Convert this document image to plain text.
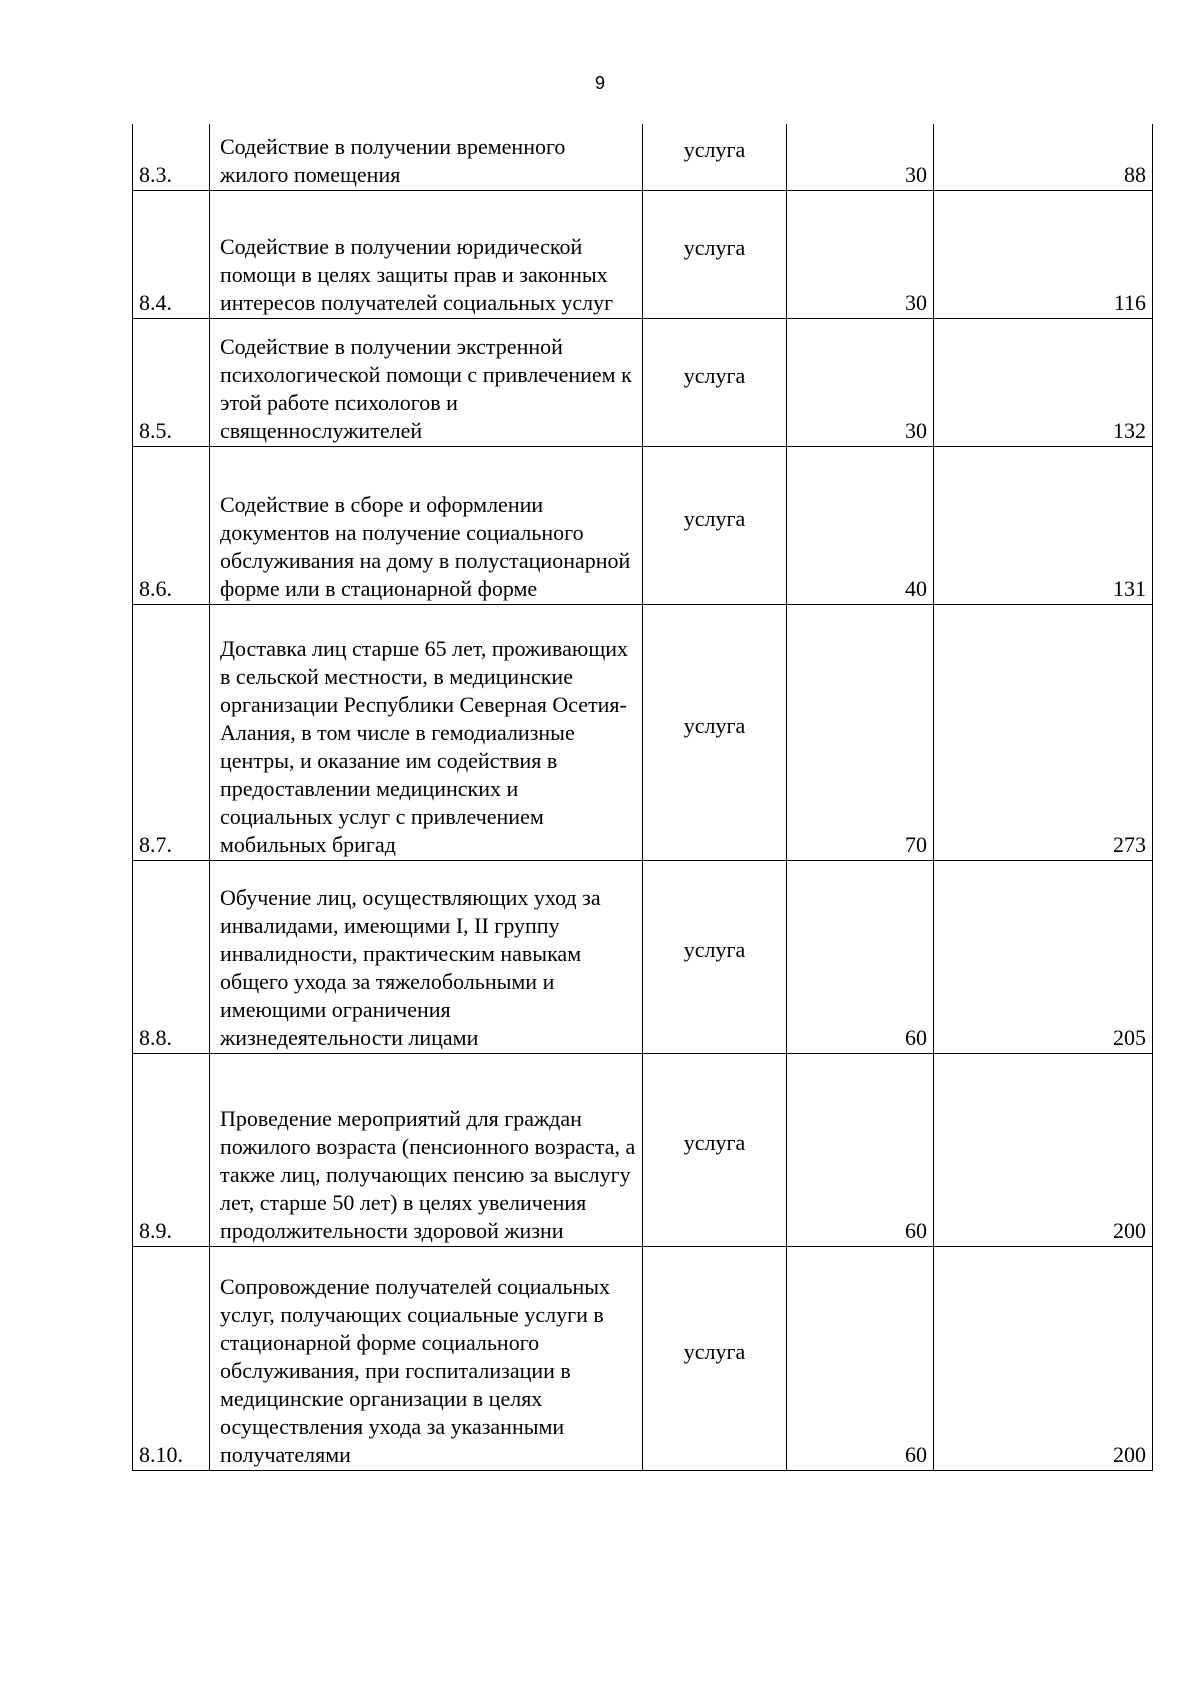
9
8.3.	Содействие в получении временного жилого помещения	услуга	30	88
8.4.	Содействие в получении юридической помощи в целях защиты прав и законных интересов получателей социальных услуг	услуга	30	116
8.5.	Содействие в получении экстренной психологической помощи с привлечением к этой работе психологов и священнослужителей	услуга	30	132
8.6.	Содействие в сборе и оформлении документов на получение социального обслуживания на дому в полустационарной форме или в стационарной форме	услуга	40	131
8.7.	Доставка лиц старше 65 лет, проживающих в сельской местности, в медицинские организации Республики Северная Осетия-Алания, в том числе в гемодиализные центры, и оказание им содействия в предоставлении медицинских и социальных услуг с привлечением мобильных бригад	услуга	70	273
8.8.	Обучение лиц, осуществляющих уход за инвалидами, имеющими I, II группу инвалидности, практическим навыкам общего ухода за тяжелобольными и имеющими ограничения жизнедеятельности лицами	услуга	60	205
8.9.	Проведение мероприятий для граждан пожилого возраста (пенсионного возраста, а также лиц, получающих пенсию за выслугу лет, старше 50 лет) в целях увеличения продолжительности здоровой жизни	услуга	60	200
8.10.	Сопровождение получателей социальных услуг, получающих социальные услуги в стационарной форме социального обслуживания, при госпитализации в медицинские организации в целях осуществления ухода за указанными получателями	услуга	60	200
